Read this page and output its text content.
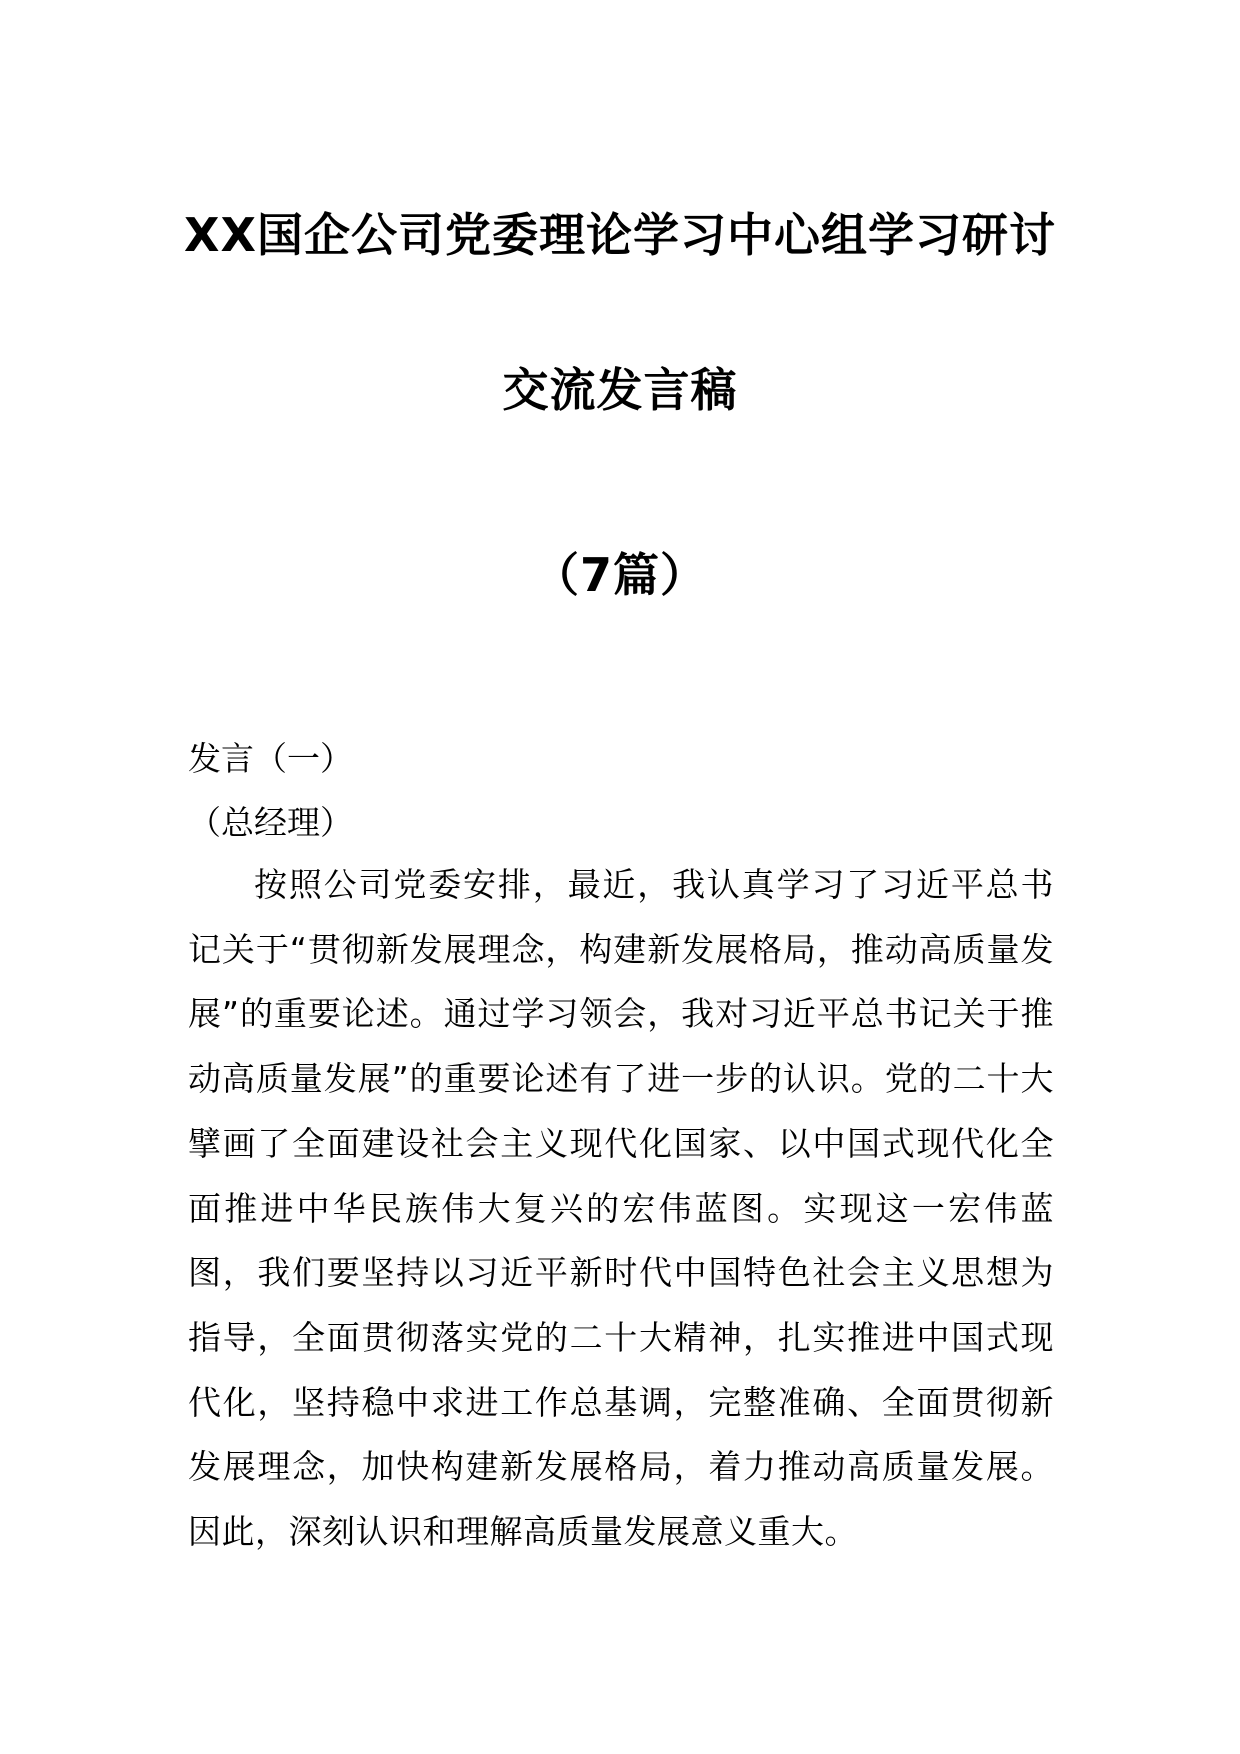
XX国企公司党委理论学习中心组学习研讨
交流发言稿
（7篇）
发言（一）
（总经理）
按照公司党委安排，最近，我认真学习了习近平总书记关于“贯彻新发展理念，构建新发展格局，推动高质量发展”的重要论述。通过学习领会，我对习近平总书记关于推动高质量发展”的重要论述有了进一步的认识。党的二十大擘画了全面建设社会主义现代化国家、以中国式现代化全面推进中华民族伟大复兴的宏伟蓝图。实现这一宏伟蓝图，我们要坚持以习近平新时代中国特色社会主义思想为指导，全面贯彻落实党的二十大精神，扎实推进中国式现代化，坚持稳中求进工作总基调，完整准确、全面贯彻新发展理念，加快构建新发展格局，着力推动高质量发展。因此，深刻认识和理解高质量发展意义重大。
